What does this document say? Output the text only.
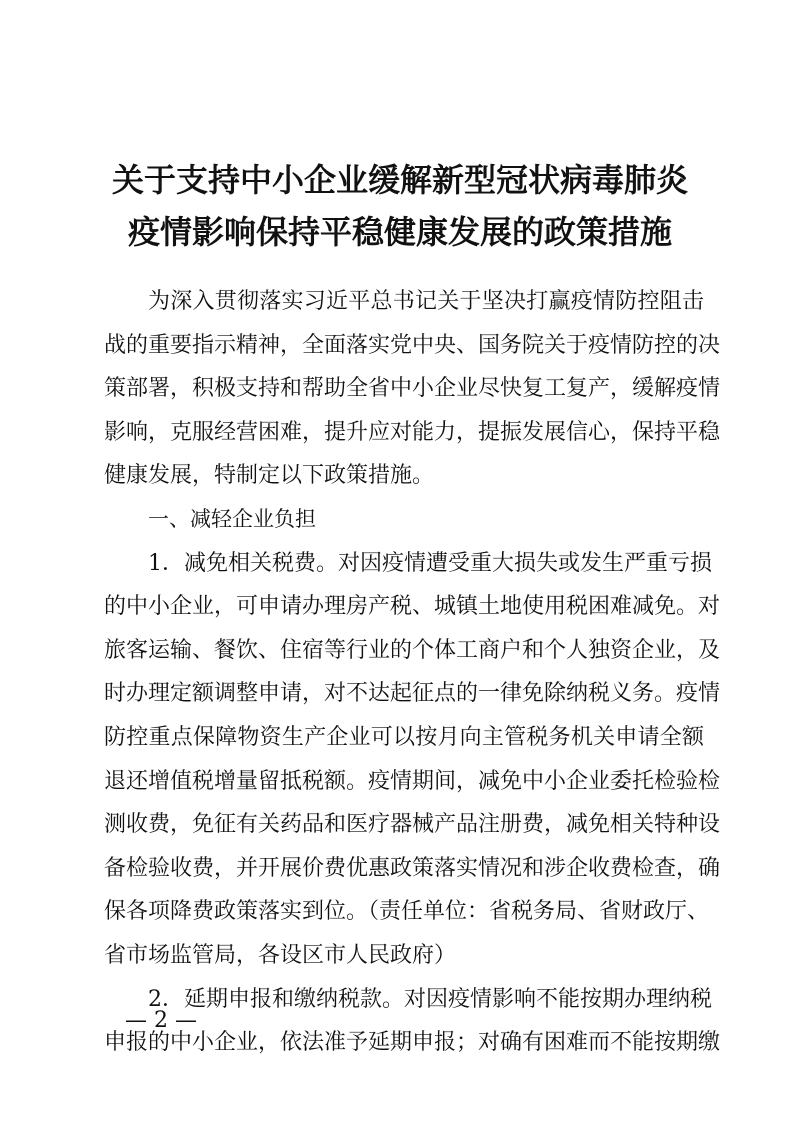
关于支持中小企业缓解新型冠状病毒肺炎
疫情影响保持平稳健康发展的政策措施
为深入贯彻落实习近平总书记关于坚决打赢疫情防控阻击
战的重要指示精神，全面落实党中央、国务院关于疫情防控的决
策部署，积极支持和帮助全省中小企业尽快复工复产，缓解疫情
影响，克服经营困难，提升应对能力，提振发展信心，保持平稳
健康发展，特制定以下政策措施。
一、减轻企业负担
1．减免相关税费。对因疫情遭受重大损失或发生严重亏损
的中小企业，可申请办理房产税、城镇土地使用税困难减免。对
旅客运输、餐饮、住宿等行业的个体工商户和个人独资企业，及
时办理定额调整申请，对不达起征点的一律免除纳税义务。疫情
防控重点保障物资生产企业可以按月向主管税务机关申请全额
退还增值税增量留抵税额。疫情期间，减免中小企业委托检验检
测收费，免征有关药品和医疗器械产品注册费，减免相关特种设
备检验收费，并开展价费优惠政策落实情况和涉企收费检查，确
保各项降费政策落实到位。（责任单位：省税务局、省财政厅、
省市场监管局，各设区市人民政府）
2．延期申报和缴纳税款。对因疫情影响不能按期办理纳税
申报的中小企业，依法准予延期申报；对确有困难而不能按期缴
— 2 —
